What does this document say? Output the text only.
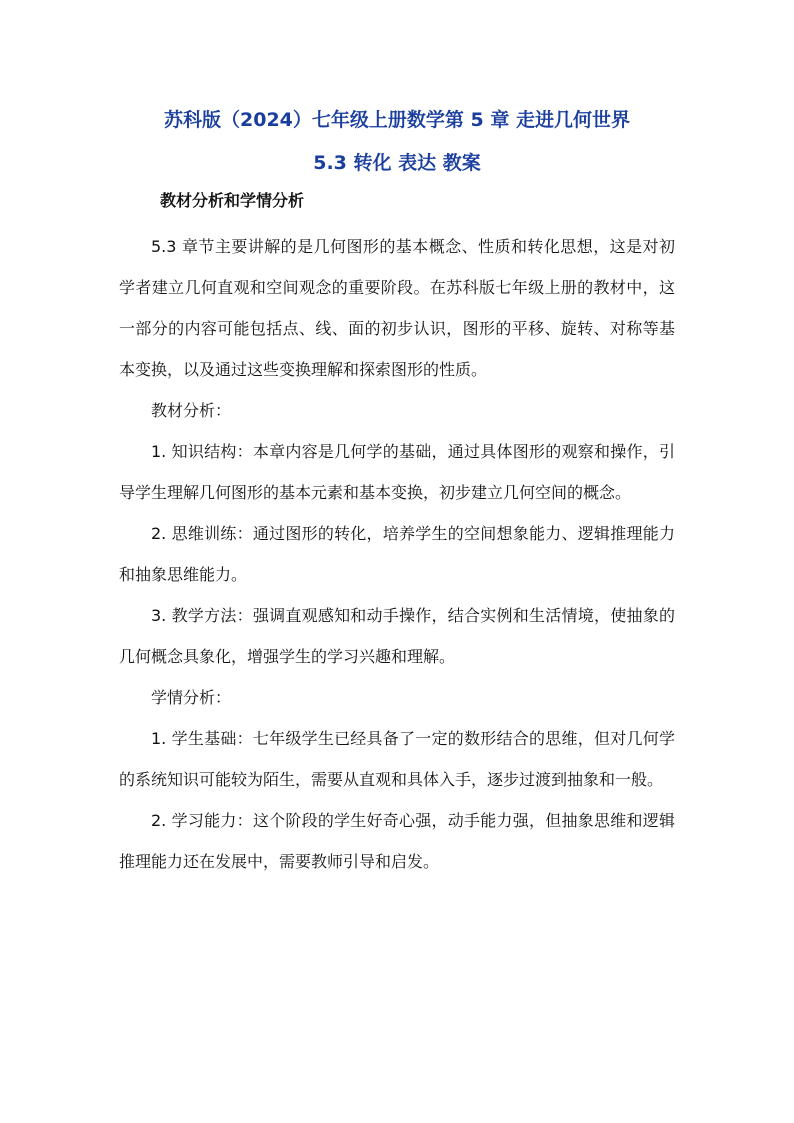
苏科版（2024）七年级上册数学第 5 章 走进几何世界
5.3 转化 表达 教案
教材分析和学情分析

5.3 章节主要讲解的是几何图形的基本概念、性质和转化思想，这是对初学者建立几何直观和空间观念的重要阶段。在苏科版七年级上册的教材中，这一部分的内容可能包括点、线、面的初步认识，图形的平移、旋转、对称等基本变换，以及通过这些变换理解和探索图形的性质。

教材分析：

1. 知识结构：本章内容是几何学的基础，通过具体图形的观察和操作，引导学生理解几何图形的基本元素和基本变换，初步建立几何空间的概念。

2. 思维训练：通过图形的转化，培养学生的空间想象能力、逻辑推理能力和抽象思维能力。

3. 教学方法：强调直观感知和动手操作，结合实例和生活情境，使抽象的几何概念具象化，增强学生的学习兴趣和理解。

学情分析：

1. 学生基础：七年级学生已经具备了一定的数形结合的思维，但对几何学的系统知识可能较为陌生，需要从直观和具体入手，逐步过渡到抽象和一般。

2. 学习能力：这个阶段的学生好奇心强，动手能力强，但抽象思维和逻辑推理能力还在发展中，需要教师引导和启发。
